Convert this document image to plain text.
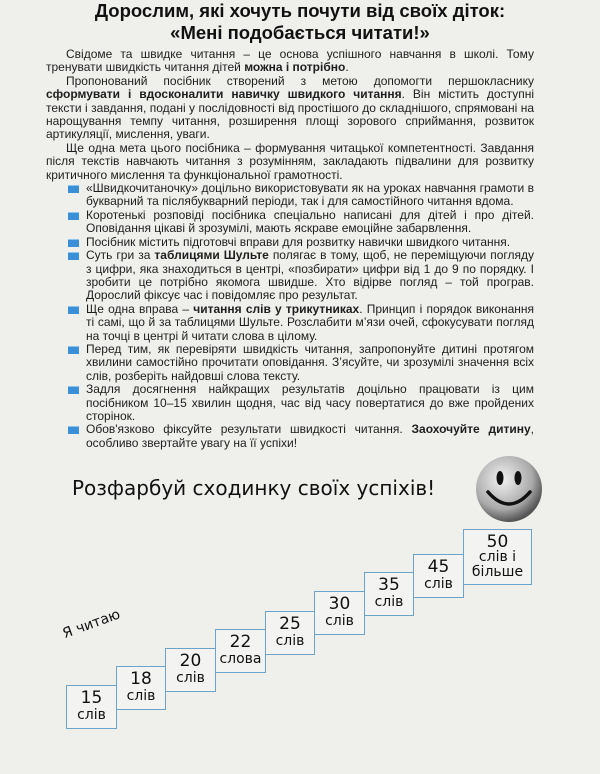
Дорослим, які хочуть почути від своїх діток:
«Мені подобається читати!»

Свідоме та швидке читання – це основа успішного навчання в школі. Тому тренувати швидкість читання дітей можна і потрібно.

Пропонований посібник створений з метою допомогти першокласнику сформувати і вдосконалити навичку швидкого читання. Він містить доступні тексти і завдання, подані у послідовності від простішого до складнішого, спрямовані на нарощування темпу читання, розширення площі зорового сприймання, розвиток артикуляції, мислення, уваги.

Ще одна мета цього посібника – формування читацької компетентності. Завдання після текстів навчають читання з розумінням, закладають підвалини для розвитку критичного мислення та функціональної грамотності.

«Швидкочитаночку» доцільно використовувати як на уроках навчання грамоти в букварний та післябукварний періоди, так і для самостійного читання вдома.
Коротенькі розповіді посібника спеціально написані для дітей і про дітей. Оповідання цікаві й зрозумілі, мають яскраве емоційне забарвлення.
Посібник містить підготовчі вправи для розвитку навички швидкого читання.
Суть гри за таблицями Шульте полягає в тому, щоб, не переміщуючи погляду з цифри, яка знаходиться в центрі, «позбирати» цифри від 1 до 9 по порядку. І зробити це потрібно якомога швидше. Хто відірве погляд – той програв. Дорослий фіксує час і повідомляє про результат.
Ще одна вправа – читання слів у трикутниках. Принцип і порядок виконання ті самі, що й за таблицями Шульте. Розслабити м’язи очей, сфокусувати погляд на точці в центрі й читати слова в цілому.
Перед тим, як перевіряти швидкість читання, запропонуйте дитині протягом хвилини самостійно прочитати оповідання. З’ясуйте, чи зрозумілі значення всіх слів, розберіть найдовші слова тексту.
Задля досягнення найкращих результатів доцільно працювати із цим посібником 10–15 хвилин щодня, час від часу повертатися до вже пройдених сторінок.
Обов'язково фіксуйте результати швидкості читання. Заохочуйте дитину, особливо звертайте увагу на її успіхи!
Розфарбуй сходинку своїх успіхів!
Я читаю
15
слів
18
слів
20
слів
22
слова
25
слів
30
слів
35
слів
45
слів
50
слів і більше
